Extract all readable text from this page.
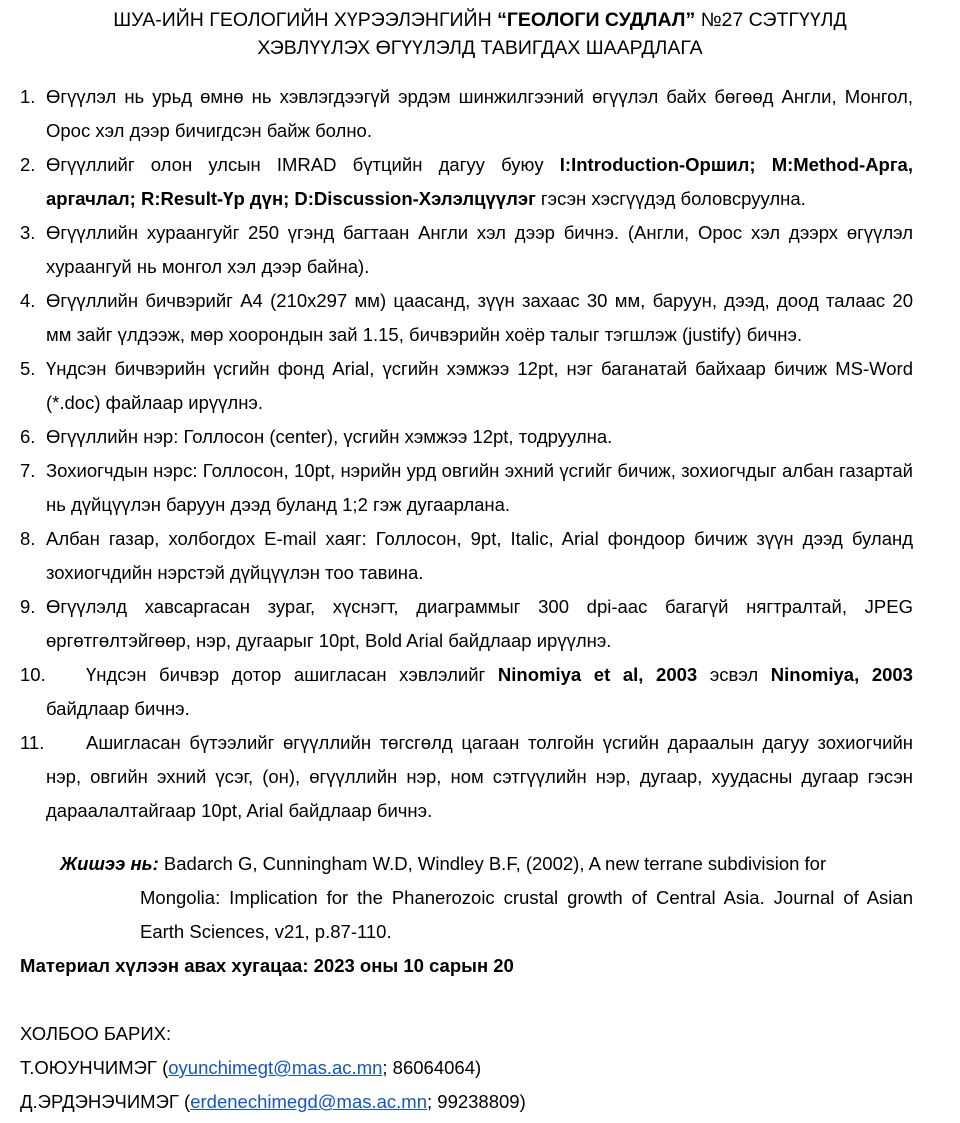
ШУА-ИЙН ГЕОЛОГИЙН ХҮРЭЭЛЭНГИЙН “ГЕОЛОГИ СУДЛАЛ” №27 СЭТГҮҮЛД
ХЭВЛҮҮЛЭХ ӨГҮҮЛЭЛД ТАВИГДАХ ШААРДЛАГА
1. Өгүүлэл нь урьд өмнө нь хэвлэгдээгүй эрдэм шинжилгээний өгүүлэл байх бөгөөд Англи, Монгол, Орос хэл дээр бичигдсэн байж болно.
2. Өгүүллийг олон улсын IMRAD бүтцийн дагуу буюу I:Introduction-Оршил; M:Method-Арга, аргачлал; R:Result-Үр дүн; D:Discussion-Хэлэлцүүлэг гэсэн хэсгүүдэд боловсруулна.
3. Өгүүллийн хураангуйг 250 үгэнд багтаан Англи хэл дээр бичнэ. (Англи, Орос хэл дээрх өгүүлэл хураангуй нь монгол хэл дээр байна).
4. Өгүүллийн бичвэрийг А4 (210х297 мм) цаасанд, зүүн захаас 30 мм, баруун, дээд, доод талаас 20 мм зайг үлдээж, мөр хоорондын зай 1.15, бичвэрийн хоёр талыг тэгшлэж (justify) бичнэ.
5. Үндсэн бичвэрийн үсгийн фонд Arial, үсгийн хэмжээ 12pt, нэг баганатай байхаар бичиж MS-Word (*.doc) файлаар ирүүлнэ.
6. Өгүүллийн нэр: Голлосон (center), үсгийн хэмжээ 12pt, тодруулна.
7. Зохиогчдын нэрс: Голлосон, 10pt, нэрийн урд овгийн эхний үсгийг бичиж, зохиогчдыг албан газартай нь дүйцүүлэн баруун дээд буланд 1;2 гэж дугаарлана.
8. Албан газар, холбогдох E-mail хаяг: Голлосон, 9pt, Italic, Arial фондоор бичиж зүүн дээд буланд зохиогчдийн нэрстэй дүйцүүлэн тоо тавина.
9. Өгүүлэлд хавсаргасан зураг, хүснэгт, диаграммыг 300 dpi-аас багагүй нягтралтай, JPEG өргөтгөлтэйгөөр, нэр, дугаарыг 10pt, Bold Arial байдлаар ирүүлнэ.
10. Үндсэн бичвэр дотор ашигласан хэвлэлийг Ninomiya et al, 2003 эсвэл Ninomiya, 2003 байдлаар бичнэ.
11. Ашигласан бүтээлийг өгүүллийн төгсгөлд цагаан толгойн үсгийн дараалын дагуу зохиогчийн нэр, овгийн эхний үсэг, (он), өгүүллийн нэр, ном сэтгүүлийн нэр, дугаар, хуудасны дугаар гэсэн дараалалтайгаар 10pt, Arial байдлаар бичнэ.
Жишээ нь: Badarch G, Cunningham W.D, Windley B.F, (2002), A new terrane subdivision for
Mongolia: Implication for the Phanerozoic crustal growth of Central Asia. Journal of Asian Earth Sciences, v21, p.87-110.
Материал хүлээн авах хугацаа: 2023 оны 10 сарын 20
ХОЛБОО БАРИХ:
Т.ОЮУНЧИМЭГ (oyunchimegt@mas.ac.mn; 86064064)
Д.ЭРДЭНЭЧИМЭГ (erdenechimegd@mas.ac.mn; 99238809)
